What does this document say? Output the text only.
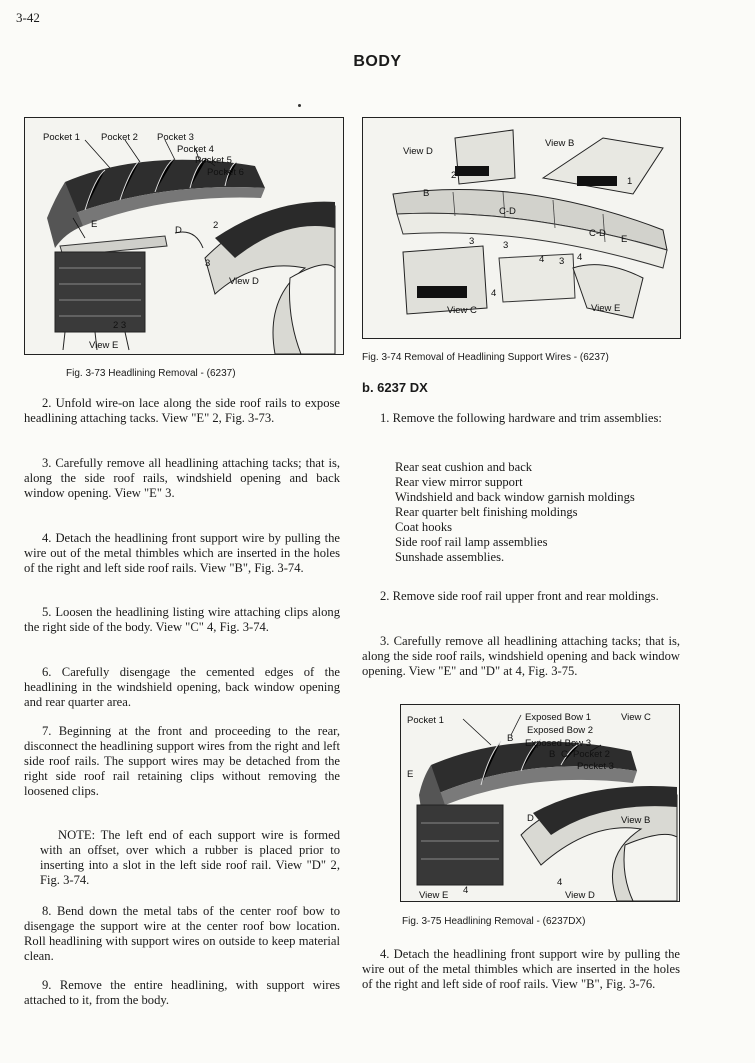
3-42
BODY
Pocket 1 Pocket 2 Pocket 3
Pocket 4
Pocket 5
Pocket 6
E
D	2
3
View D
2 3
View E
Fig. 3-73 Headlining Removal - (6237)
View D
View B
2
1
B
C-D
C-D
E
3	3
3
4
4
4
View C	View E
Fig. 3-74 Removal of Headlining Support Wires - (6237)
2. Unfold wire-on lace along the side roof rails to expose headlining attaching tacks. View "E" 2, Fig. 3-73.
3. Carefully remove all headlining attaching tacks; that is, along the side roof rails, windshield opening and back window opening. View "E" 3.
4. Detach the headlining front support wire by pulling the wire out of the metal thimbles which are inserted in the holes of the right and left side roof rails. View "B", Fig. 3-74.
5. Loosen the headlining listing wire attaching clips along the right side of the body. View "C" 4, Fig. 3-74.
6. Carefully disengage the cemented edges of the headlining in the windshield opening, back window opening and rear quarter area.
7. Beginning at the front and proceeding to the rear, disconnect the headlining support wires from the right and left side roof rails. The support wires may be detached from the right side roof rail retaining clips without removing the loosened clips.
NOTE: The left end of each support wire is formed with an offset, over which a rubber is placed prior to inserting into a slot in the left side roof rail. View "D" 2, Fig. 3-74.
8. Bend down the metal tabs of the center roof bow to disengage the support wire at the center roof bow location. Roll headlining with support wires on outside to keep material clean.
9. Remove the entire headlining, with support wires attached to it, from the body.
b. 6237 DX
1. Remove the following hardware and trim assemblies:
Rear seat cushion and back
Rear view mirror support
Windshield and back window garnish moldings
Rear quarter belt finishing moldings
Coat hooks
Side roof rail lamp assemblies
Sunshade assemblies.
2. Remove side roof rail upper front and rear moldings.
3. Carefully remove all headlining attaching tacks; that is, along the side roof rails, windshield opening and back window opening. View "E" and "D" at 4, Fig. 3-75.
Pocket 1	Exposed Bow 1	View C
Exposed Bow 2
B Exposed Bow 3
B C Pocket 2
Pocket 3
E
D	View B
4
4
View E	View D
Fig. 3-75 Headlining Removal - (6237DX)
4. Detach the headlining front support wire by pulling the wire out of the metal thimbles which are inserted in the holes of the right and left side of roof rails. View "B", Fig. 3-76.
